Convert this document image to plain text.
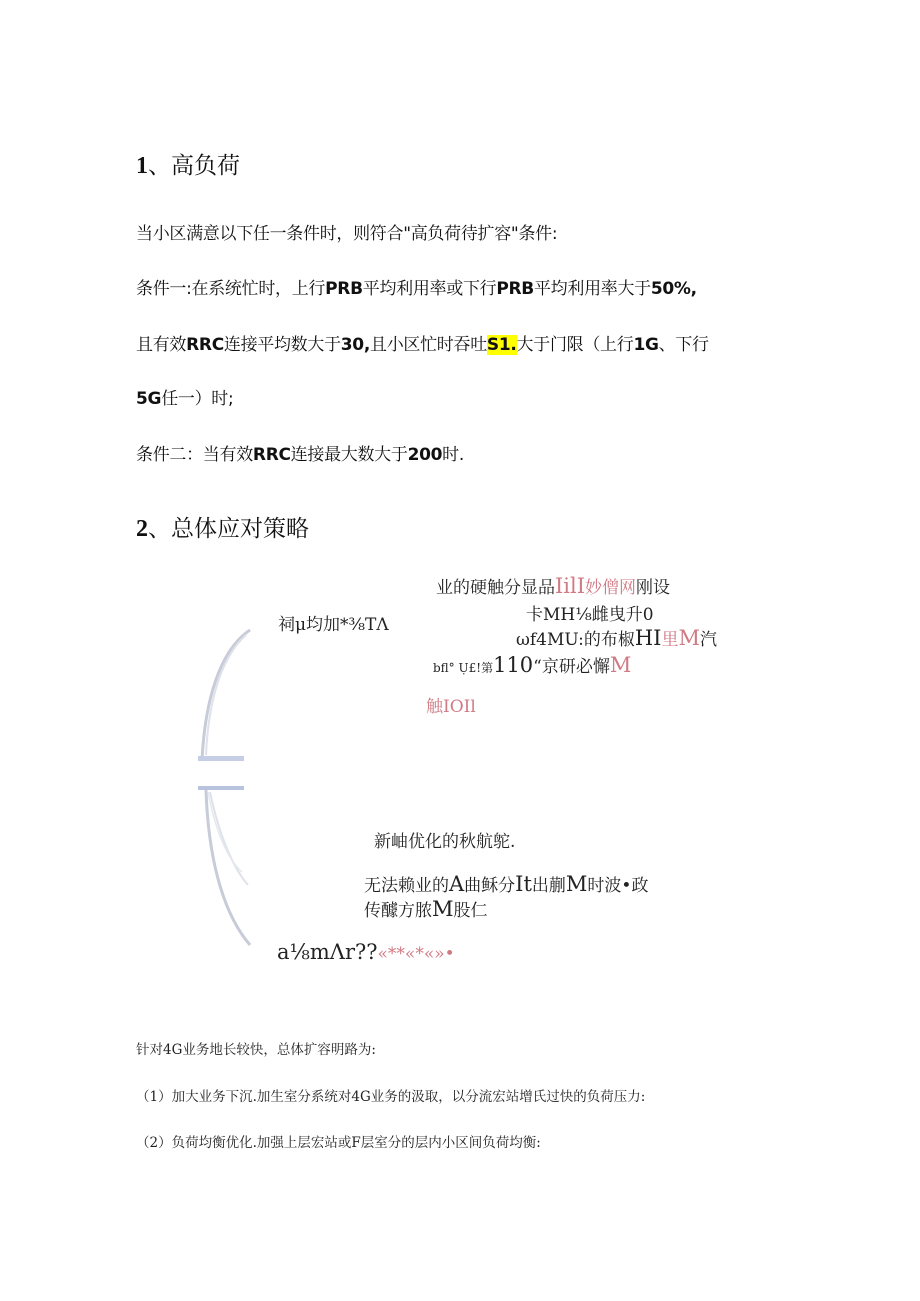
1、高负荷
当小区满意以下任一条件时，则符合"高负荷待扩容"条件:
条件一:在系统忙时，上行PRB平均利用率或下行PRB平均利用率大于50%,
且有效RRC连接平均数大于30,且小区忙时吞吐S1.大于门限（上行1G、下行
5G任一）时;
条件二：当有效RRC连接最大数大于200时.
2、总体应对策略
祠μ均加*⅜TΛ
业的硬触分显品IilI妙僧网刚设
卡MH⅛雌曳升0
ωf4MU:的布椒HI里M汽
bfl° Ụ£!第110“京研必懈M
触IOIl
新岫优化的秋航鸵.
无法赖业的A曲稣分It出蒯M时波•政
传醵方脓M股仁
a⅛mΛr??«**«*«»•
针对4G业务地长较快，总体扩容明路为:
（1）加大业务下沉.加生室分系统对4G业务的汲取，以分流宏站增氏过快的负荷压力:
（2）负荷均衡优化.加强上层宏站或F层室分的层内小区间负荷均衡:
